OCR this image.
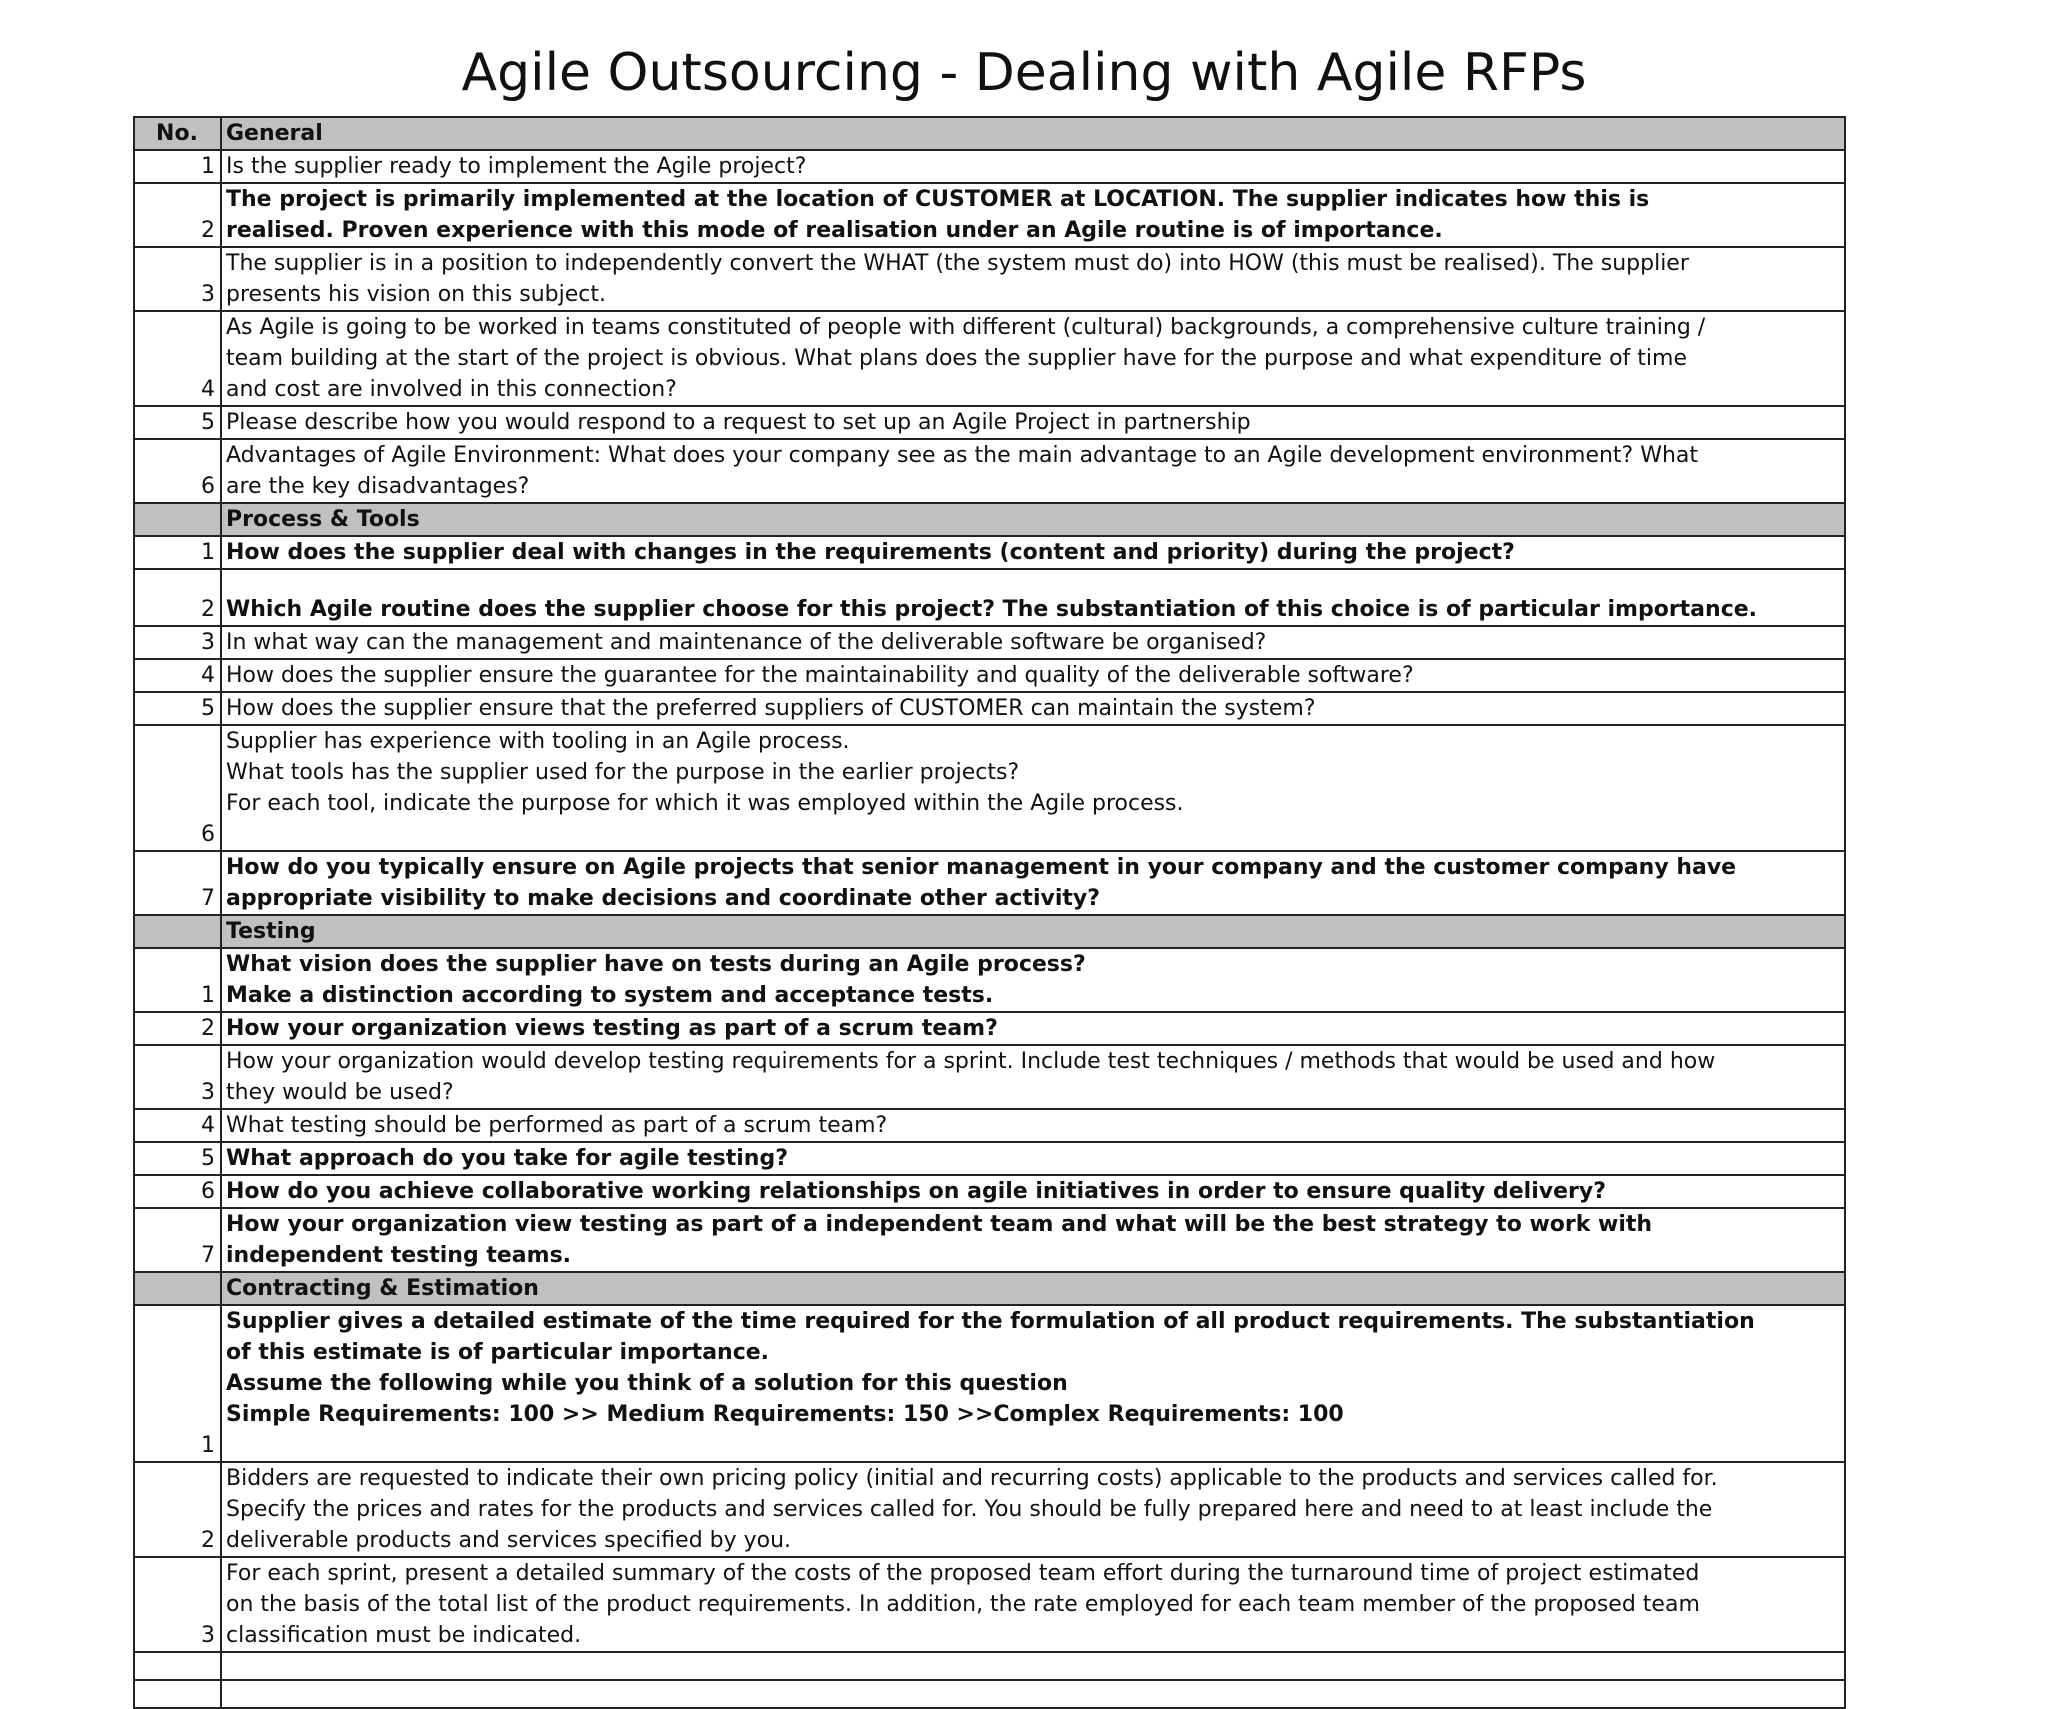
Agile Outsourcing - Dealing with Agile RFPs
No.	General
1	Is the supplier ready to implement the Agile project?

2	The project is primarily implemented at the location of CUSTOMER at LOCATION. The supplier indicates how this is
realised. Proven experience with this mode of realisation under an Agile routine is of importance.

3	The supplier is in a position to independently convert the WHAT (the system must do) into HOW (this must be realised). The supplier
presents his vision on this subject.

4	As Agile is going to be worked in teams constituted of people with different (cultural) backgrounds, a comprehensive culture training /
team building at the start of the project is obvious. What plans does the supplier have for the purpose and what expenditure of time
and cost are involved in this connection?

5	Please describe how you would respond to a request to set up an Agile Project in partnership

6	Advantages of Agile Environment: What does your company see as the main advantage to an Agile development environment? What
are the key disadvantages?

	Process & Tools
1	How does the supplier deal with changes in the requirements (content and priority) during the project?

2	Which Agile routine does the supplier choose for this project? The substantiation of this choice is of particular importance.

3	In what way can the management and maintenance of the deliverable software be organised?

4	How does the supplier ensure the guarantee for the maintainability and quality of the deliverable software?

5	How does the supplier ensure that the preferred suppliers of CUSTOMER can maintain the system?

6	Supplier has experience with tooling in an Agile process.
What tools has the supplier used for the purpose in the earlier projects?
For each tool, indicate the purpose for which it was employed within the Agile process.

7	How do you typically ensure on Agile projects that senior management in your company and the customer company have
appropriate visibility to make decisions and coordinate other activity?

	Testing
1	What vision does the supplier have on tests during an Agile process?
Make a distinction according to system and acceptance tests.

2	How your organization views testing as part of a scrum team?

3	How your organization would develop testing requirements for a sprint. Include test techniques / methods that would be used and how
they would be used?

4	What testing should be performed as part of a scrum team?

5	What approach do you take for agile testing?

6	How do you achieve collaborative working relationships on agile initiatives in order to ensure quality delivery?

7	How your organization view testing as part of a independent team and what will be the best strategy to work with
independent testing teams.

	Contracting & Estimation
1	Supplier gives a detailed estimate of the time required for the formulation of all product requirements. The substantiation
of this estimate is of particular importance.
Assume the following while you think of a solution for this question
Simple Requirements: 100 >> Medium Requirements: 150 >>Complex Requirements: 100

2	Bidders are requested to indicate their own pricing policy (initial and recurring costs) applicable to the products and services called for.
Specify the prices and rates for the products and services called for. You should be fully prepared here and need to at least include the
deliverable products and services specified by you.

3	For each sprint, present a detailed summary of the costs of the proposed team effort during the turnaround time of project estimated
on the basis of the total list of the product requirements. In addition, the rate employed for each team member of the proposed team
classification must be indicated.
